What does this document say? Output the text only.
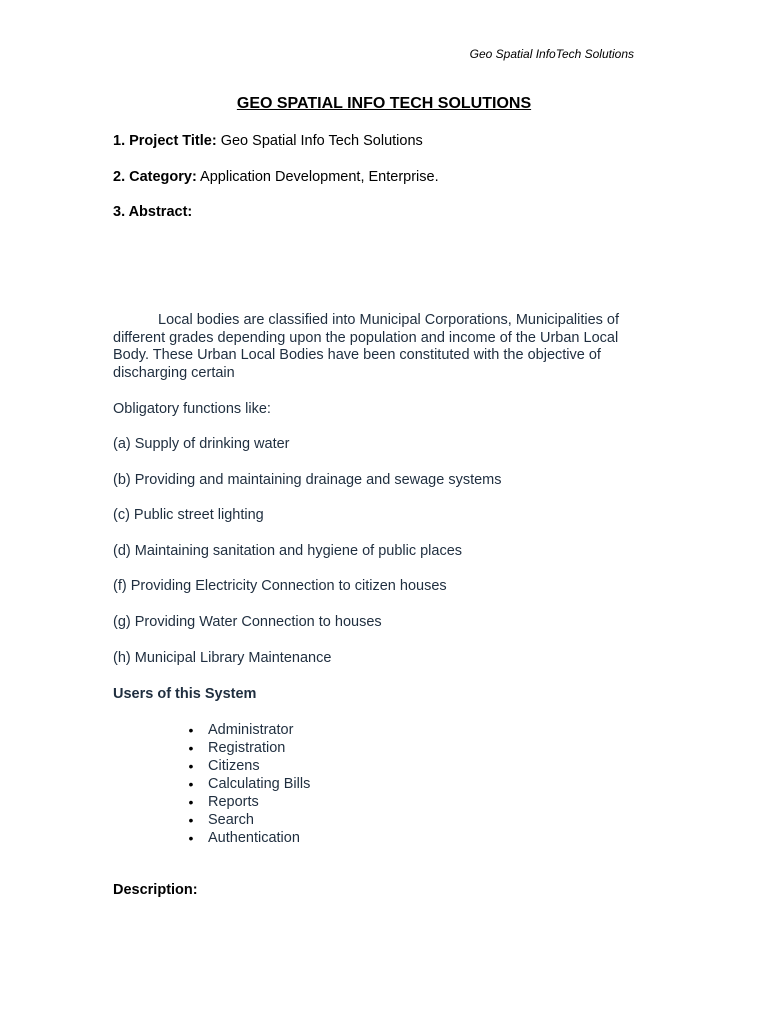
Geo Spatial InfoTech Solutions
GEO SPATIAL INFO TECH SOLUTIONS

1. Project Title: Geo Spatial Info Tech Solutions

2. Category: Application Development, Enterprise.

3. Abstract:

Local bodies are classified into Municipal Corporations, Municipalities of different grades depending upon the population and income of the Urban Local Body. These Urban Local Bodies have been constituted with the objective of discharging certain

Obligatory functions like:

(a) Supply of drinking water

(b) Providing and maintaining drainage and sewage systems

(c) Public street lighting

(d) Maintaining sanitation and hygiene of public places

(f) Providing Electricity Connection to citizen houses

(g) Providing Water Connection to houses

(h) Municipal Library Maintenance

Users of this System

•	Administrator
•	Registration
•	Citizens
•	Calculating Bills
•	Reports
•	Search
•	Authentication

Description:
